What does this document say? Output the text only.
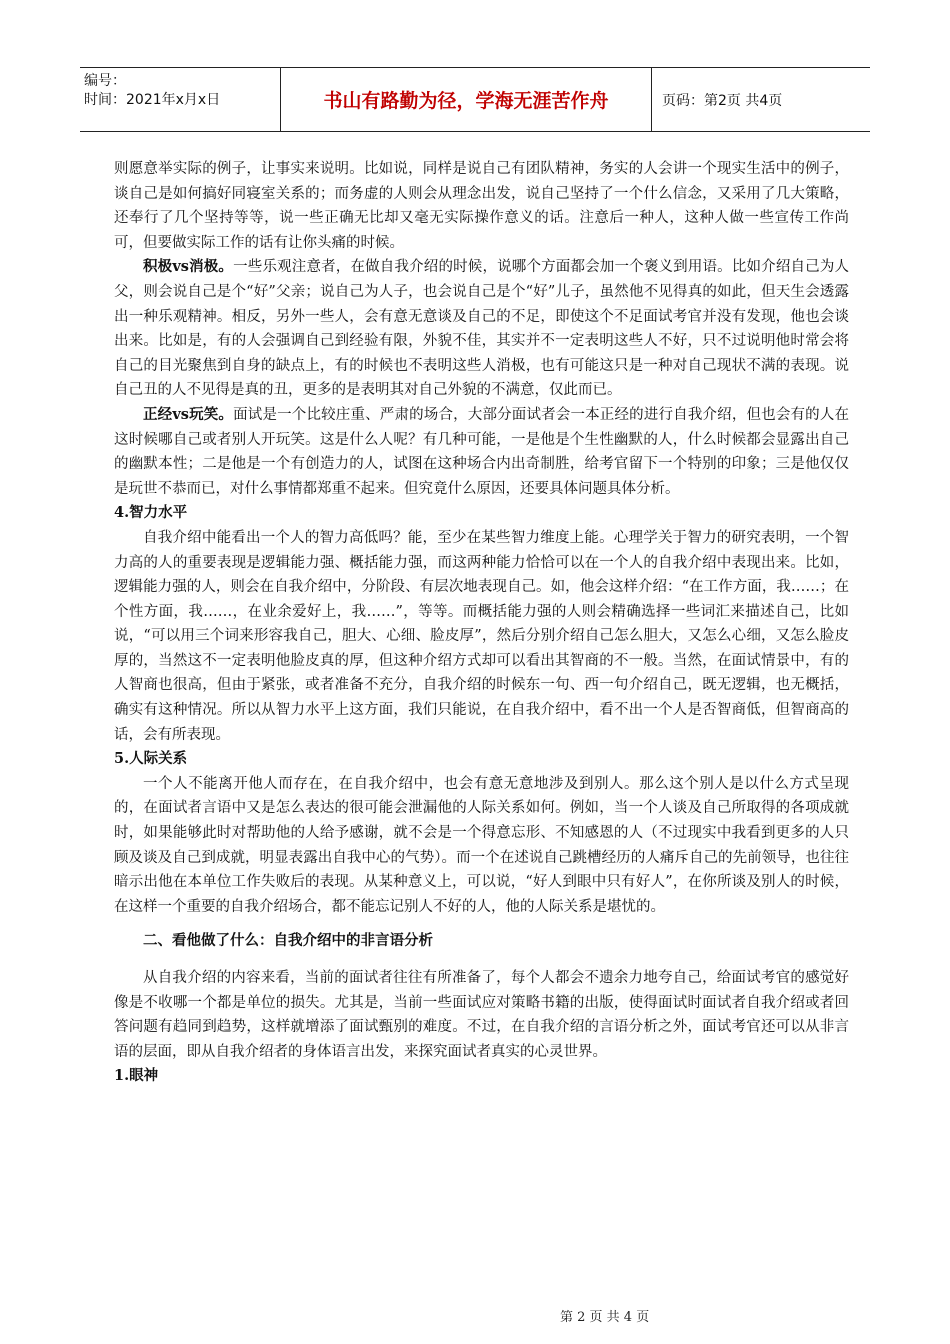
编号：
时间：2021年x月x日	书山有路勤为径，学海无涯苦作舟	页码：第2页 共4页

则愿意举实际的例子，让事实来说明。比如说，同样是说自己有团队精神，务实的人会讲一个现实生活中的例子，谈自己是如何搞好同寝室关系的；而务虚的人则会从理念出发，说自己坚持了一个什么信念，又采用了几大策略，还奉行了几个坚持等等，说一些正确无比却又毫无实际操作意义的话。注意后一种人，这种人做一些宣传工作尚可，但要做实际工作的话有让你头痛的时候。

积极vs消极。一些乐观注意者，在做自我介绍的时候，说哪个方面都会加一个褒义到用语。比如介绍自己为人父，则会说自己是个“好”父亲；说自己为人子，也会说自己是个“好”儿子，虽然他不见得真的如此，但天生会透露出一种乐观精神。相反，另外一些人，会有意无意谈及自己的不足，即使这个不足面试考官并没有发现，他也会谈出来。比如是，有的人会强调自己到经验有限，外貌不佳，其实并不一定表明这些人不好，只不过说明他时常会将自己的目光聚焦到自身的缺点上，有的时候也不表明这些人消极，也有可能这只是一种对自己现状不满的表现。说自己丑的人不见得是真的丑，更多的是表明其对自己外貌的不满意，仅此而已。

正经vs玩笑。面试是一个比较庄重、严肃的场合，大部分面试者会一本正经的进行自我介绍，但也会有的人在这时候哪自己或者别人开玩笑。这是什么人呢？有几种可能，一是他是个生性幽默的人，什么时候都会显露出自己的幽默本性；二是他是一个有创造力的人，试图在这种场合内出奇制胜，给考官留下一个特别的印象；三是他仅仅是玩世不恭而已，对什么事情都郑重不起来。但究竟什么原因，还要具体问题具体分析。

4.智力水平

自我介绍中能看出一个人的智力高低吗？能，至少在某些智力维度上能。心理学关于智力的研究表明，一个智力高的人的重要表现是逻辑能力强、概括能力强，而这两种能力恰恰可以在一个人的自我介绍中表现出来。比如，逻辑能力强的人，则会在自我介绍中，分阶段、有层次地表现自己。如，他会这样介绍：“在工作方面，我……；在个性方面，我……，在业余爱好上，我……”，等等。而概括能力强的人则会精确选择一些词汇来描述自己，比如说，“可以用三个词来形容我自己，胆大、心细、脸皮厚”，然后分别介绍自己怎么胆大，又怎么心细，又怎么脸皮厚的，当然这不一定表明他脸皮真的厚，但这种介绍方式却可以看出其智商的不一般。当然，在面试情景中，有的人智商也很高，但由于紧张，或者准备不充分，自我介绍的时候东一句、西一句介绍自己，既无逻辑，也无概括，确实有这种情况。所以从智力水平上这方面，我们只能说，在自我介绍中，看不出一个人是否智商低，但智商高的话，会有所表现。

5.人际关系

一个人不能离开他人而存在，在自我介绍中，也会有意无意地涉及到别人。那么这个别人是以什么方式呈现的，在面试者言语中又是怎么表达的很可能会泄漏他的人际关系如何。例如，当一个人谈及自己所取得的各项成就时，如果能够此时对帮助他的人给予感谢，就不会是一个得意忘形、不知感恩的人（不过现实中我看到更多的人只顾及谈及自己到成就，明显表露出自我中心的气势）。而一个在述说自己跳槽经历的人痛斥自己的先前领导，也往往暗示出他在本单位工作失败后的表现。从某种意义上，可以说，“好人到眼中只有好人”，在你所谈及别人的时候，在这样一个重要的自我介绍场合，都不能忘记别人不好的人，他的人际关系是堪忧的。

二、看他做了什么：自我介绍中的非言语分析

从自我介绍的内容来看，当前的面试者往往有所准备了，每个人都会不遗余力地夸自己，给面试考官的感觉好像是不收哪一个都是单位的损失。尤其是，当前一些面试应对策略书籍的出版，使得面试时面试者自我介绍或者回答问题有趋同到趋势，这样就增添了面试甄别的难度。不过，在自我介绍的言语分析之外，面试考官还可以从非言语的层面，即从自我介绍者的身体语言出发，来探究面试者真实的心灵世界。

1.眼神

第 2 页 共 4 页
